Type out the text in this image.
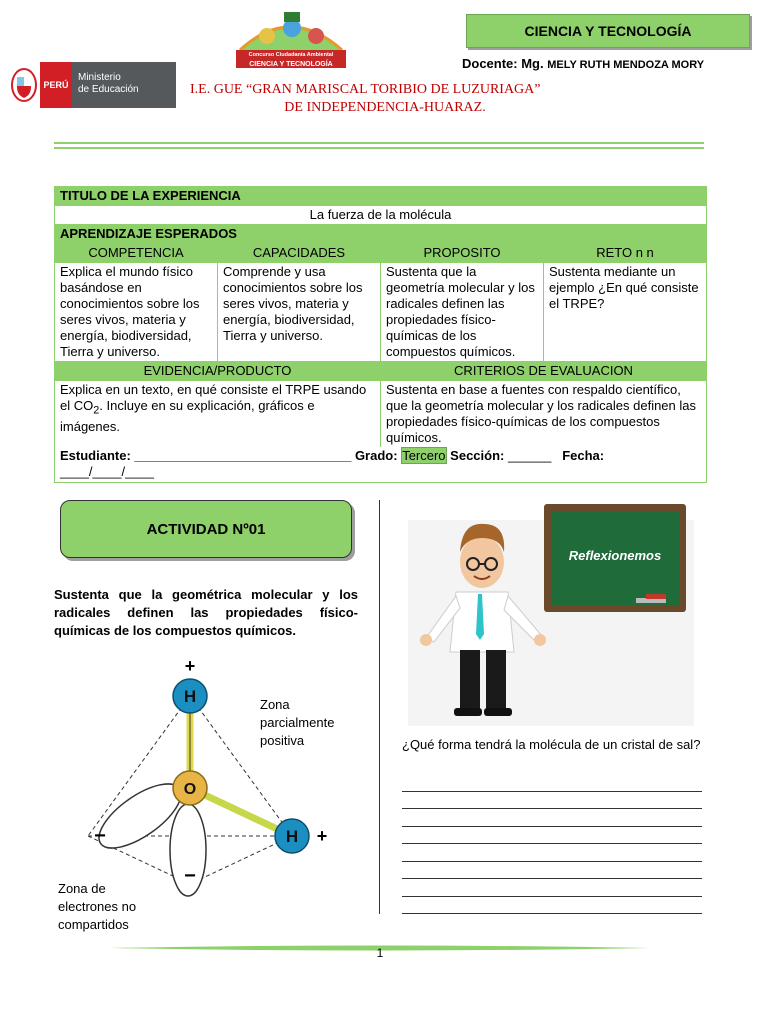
PERÚ
Ministerio
de Educación
Concurso Ciudadanía Ambiental
CIENCIA Y TECNOLOGÍA
CIENCIA Y TECNOLOGÍA
Docente: Mg. MELY RUTH MENDOZA MORY
I.E. GUE “GRAN MARISCAL TORIBIO DE LUZURIAGA”
DE INDEPENDENCIA-HUARAZ.
TITULO DE LA EXPERIENCIA			
La fuerza de la molécula			
APRENDIZAJE ESPERADOS			
COMPETENCIA	CAPACIDADES	PROPOSITO	RETO n n
Explica el mundo físico basándose en conocimientos sobre los seres vivos, materia y energía, biodiversidad, Tierra y universo.	Comprende y usa conocimientos sobre los seres vivos, materia y energía, biodiversidad, Tierra y universo.	Sustenta que la geometría molecular y los radicales definen las propiedades físico-químicas de los compuestos químicos.	Sustenta mediante un ejemplo ¿En qué consiste el TRPE?
EVIDENCIA/PRODUCTO		CRITERIOS DE EVALUACION	
Explica en un texto, en qué consiste el TRPE usando el $CO_2$. Incluye en su explicación, gráficos e imágenes.		Sustenta en base a fuentes con respaldo científico, que la geometría molecular y los radicales definen las propiedades físico-químicas de los compuestos químicos.	
Estudiante: ______________________________ Grado: Tercero Sección: ______ Fecha:
____/____/____			
ACTIVIDAD Nº01
Sustenta que la geométrica molecular y los radicales definen las propiedades físico-químicas de los compuestos químicos.
H
O
H
+
+
−
−
Zona
parcialmente
positiva
Zona de
electrones no
compartidos
Reflexionemos
¿Qué forma tendrá la molécula de un cristal de sal?
1
